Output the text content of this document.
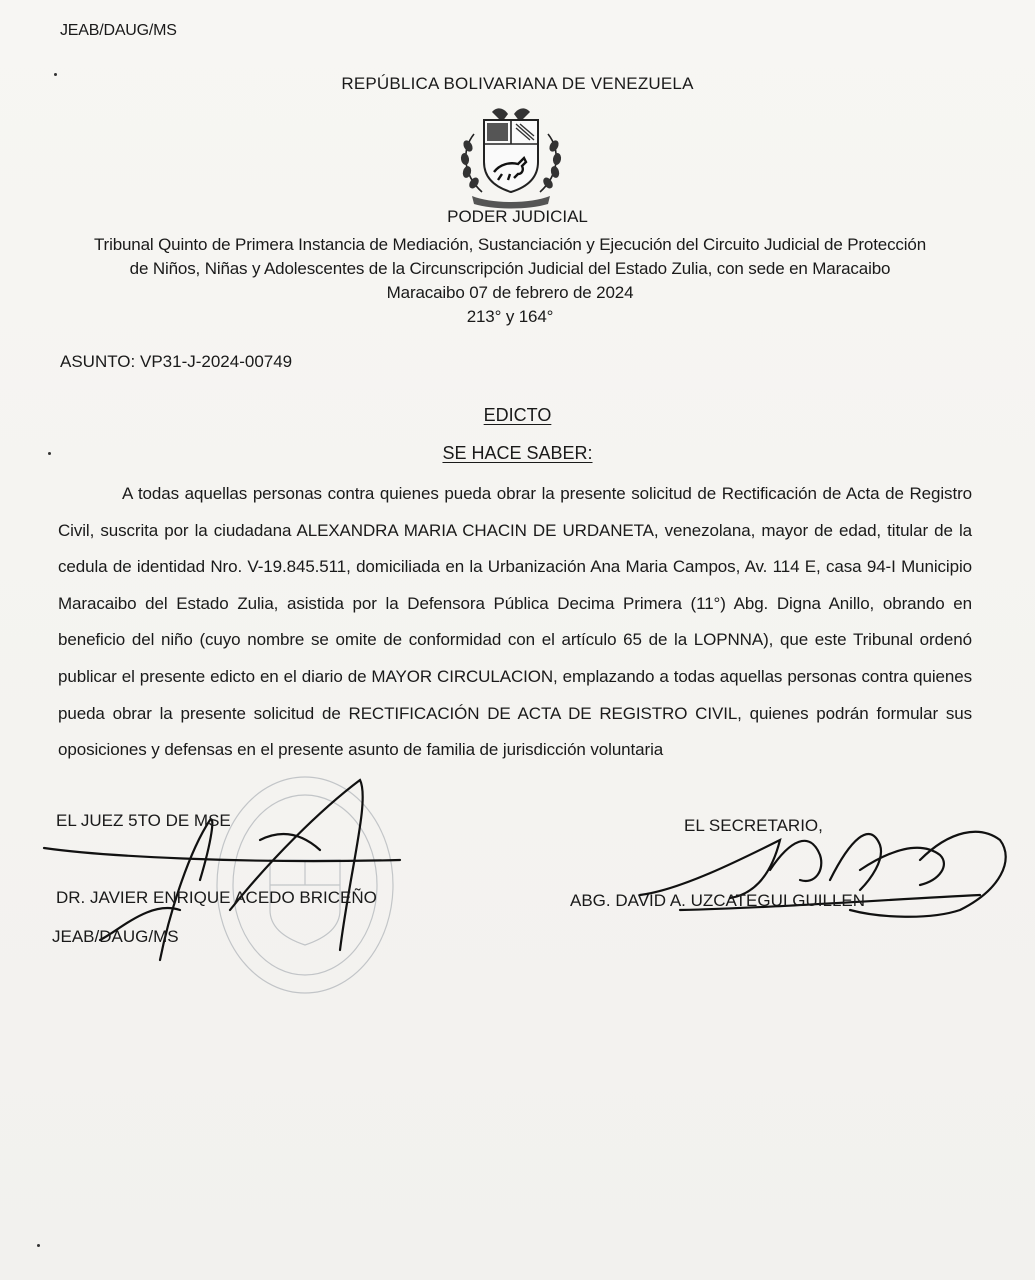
JEAB/DAUG/MS
REPÚBLICA BOLIVARIANA DE VENEZUELA
PODER JUDICIAL
Tribunal Quinto de Primera Instancia de Mediación, Sustanciación y Ejecución del Circuito Judicial de Protección
de Niños, Niñas y Adolescentes de la Circunscripción Judicial del Estado Zulia, con sede en Maracaibo
Maracaibo 07 de febrero de 2024
213° y 164°
ASUNTO: VP31-J-2024-00749
EDICTO
SE HACE SABER:
A todas aquellas personas contra quienes pueda obrar la presente solicitud de Rectificación de Acta de Registro Civil, suscrita por la ciudadana ALEXANDRA MARIA CHACIN DE URDANETA, venezolana, mayor de edad, titular de la cedula de identidad Nro. V-19.845.511, domiciliada en la Urbanización Ana Maria Campos, Av. 114 E, casa 94-I Municipio Maracaibo del Estado Zulia, asistida por la Defensora Pública Decima Primera (11°) Abg. Digna Anillo, obrando en beneficio del niño (cuyo nombre se omite de conformidad con el artículo 65 de la LOPNNA), que este Tribunal ordenó publicar el presente edicto en el diario de MAYOR CIRCULACION, emplazando a todas aquellas personas contra quienes pueda obrar la presente solicitud de RECTIFICACIÓN DE ACTA DE REGISTRO CIVIL, quienes podrán formular sus oposiciones y defensas en el presente asunto de familia de jurisdicción voluntaria
EL JUEZ 5TO DE MSE
DR. JAVIER ENRIQUE ACEDO BRICEÑO
JEAB/DAUG/MS
EL SECRETARIO,
ABG. DAVID A. UZCATEGUI GUILLEN
